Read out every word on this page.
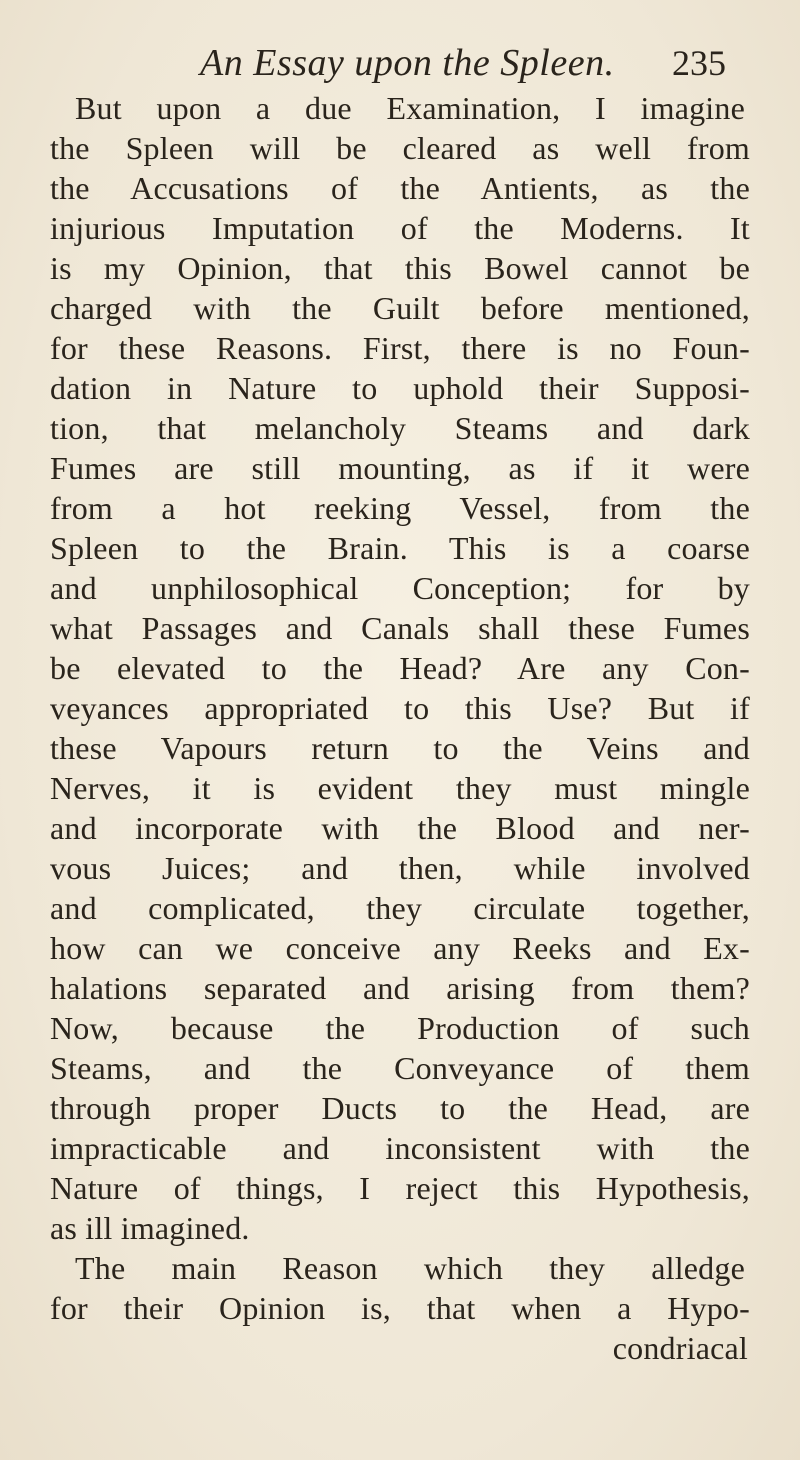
An Essay upon the Spleen. 235
But upon a due Examination, I imagine
the Spleen will be cleared as well from
the Accusations of the Antients, as the
injurious Imputation of the Moderns. It
is my Opinion, that this Bowel cannot be
charged with the Guilt before mentioned,
for these Reasons. First, there is no Foun-
dation in Nature to uphold their Supposi-
tion, that melancholy Steams and dark
Fumes are still mounting, as if it were
from a hot reeking Vessel, from the
Spleen to the Brain. This is a coarse
and unphilosophical Conception; for by
what Passages and Canals shall these Fumes
be elevated to the Head? Are any Con-
veyances appropriated to this Use? But if
these Vapours return to the Veins and
Nerves, it is evident they must mingle
and incorporate with the Blood and ner-
vous Juices; and then, while involved
and complicated, they circulate together,
how can we conceive any Reeks and Ex-
halations separated and arising from them?
Now, because the Production of such
Steams, and the Conveyance of them
through proper Ducts to the Head, are
impracticable and inconsistent with the
Nature of things, I reject this Hypothesis,
as ill imagined.
The main Reason which they alledge
for their Opinion is, that when a Hypo-
condriacal
